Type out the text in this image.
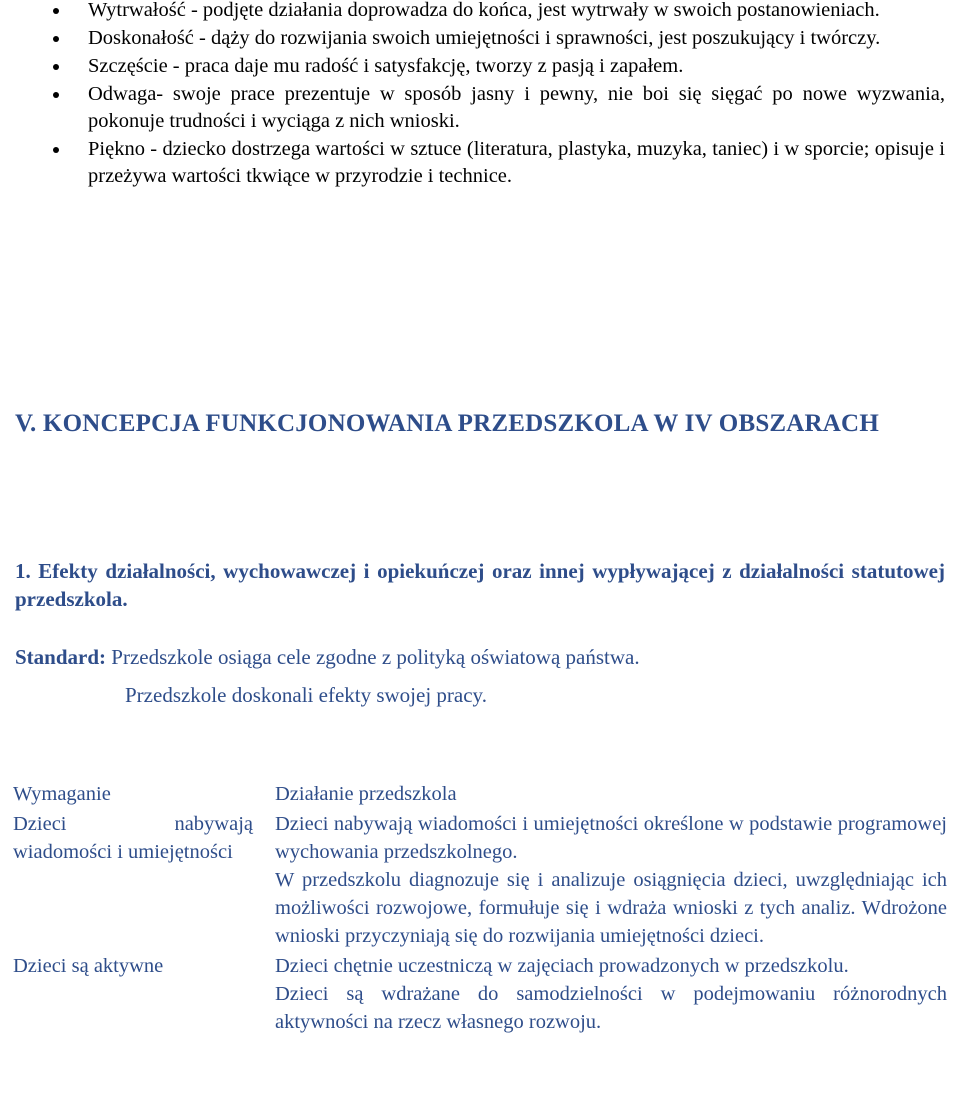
Wytrwałość - podjęte działania doprowadza do końca, jest wytrwały w swoich postanowieniach.
Doskonałość - dąży do rozwijania swoich umiejętności i sprawności, jest poszukujący i twórczy.
Szczęście - praca daje mu radość i satysfakcję, tworzy z pasją i zapałem.
Odwaga- swoje prace prezentuje w sposób jasny i pewny, nie boi się sięgać po nowe wyzwania, pokonuje trudności i wyciąga z nich wnioski.
Piękno - dziecko dostrzega wartości w sztuce (literatura, plastyka, muzyka, taniec) i w sporcie; opisuje i przeżywa wartości tkwiące w przyrodzie i technice.
V. KONCEPCJA FUNKCJONOWANIA PRZEDSZKOLA W IV OBSZARACH
1. Efekty działalności, wychowawczej i opiekuńczej oraz innej wypływającej z działalności statutowej przedszkola.
Standard: Przedszkole osiąga cele zgodne z polityką oświatową państwa.
Przedszkole doskonali efekty swojej pracy.
Wymaganie	Działanie przedszkola
Dzieci nabywają wiadomości i umiejętności	Dzieci nabywają wiadomości i umiejętności określone w podstawie programowej wychowania przedszkolnego.
W przedszkolu diagnozuje się i analizuje osiągnięcia dzieci, uwzględniając ich możliwości rozwojowe, formułuje się i wdraża wnioski z tych analiz. Wdrożone wnioski przyczyniają się do rozwijania umiejętności dzieci.

Dzieci są aktywne	Dzieci chętnie uczestniczą w zajęciach prowadzonych w przedszkolu.
Dzieci są wdrażane do samodzielności w podejmowaniu różnorodnych aktywności na rzecz własnego rozwoju.
